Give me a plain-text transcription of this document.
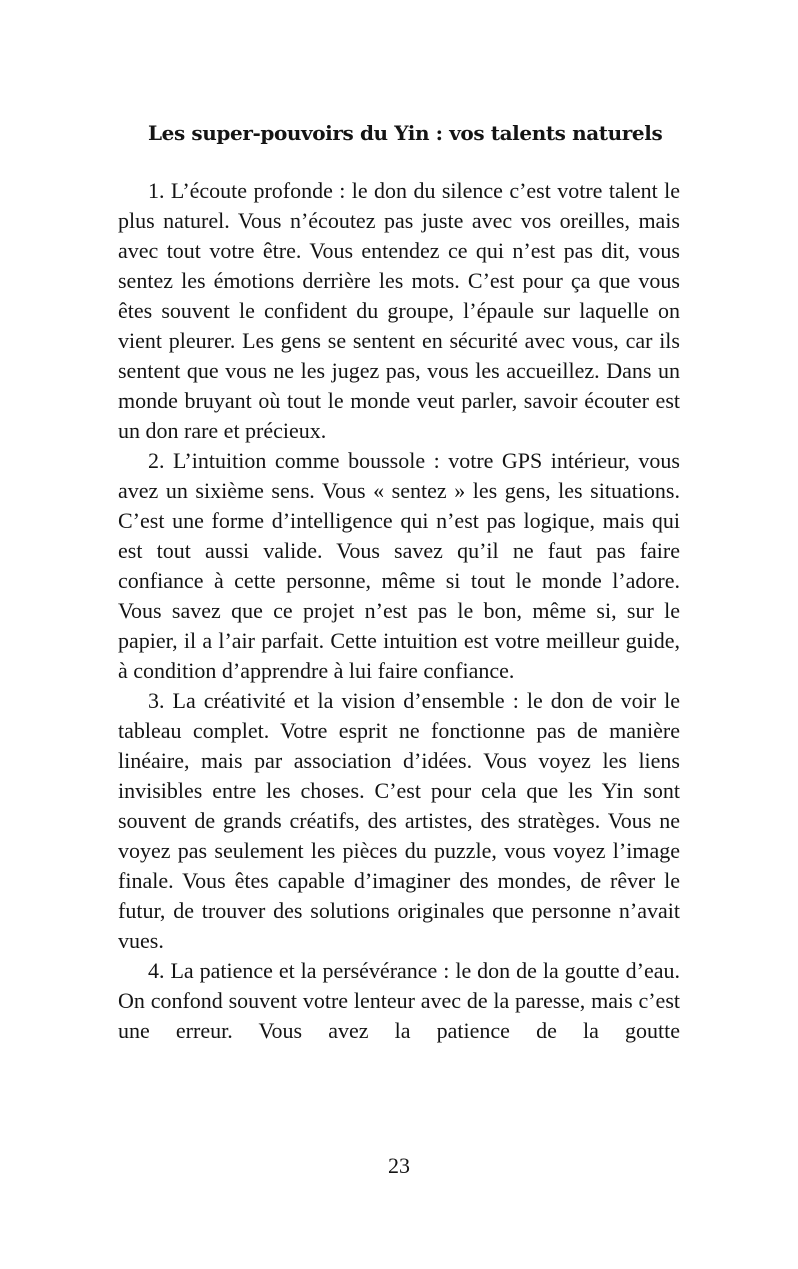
Les super-pouvoirs du Yin : vos talents naturels

1. L’écoute profonde : le don du silence c’est votre talent le plus naturel. Vous n’écoutez pas juste avec vos oreilles, mais avec tout votre être. Vous entendez ce qui n’est pas dit, vous sentez les émotions derrière les mots. C’est pour ça que vous êtes souvent le confident du groupe, l’épaule sur laquelle on vient pleurer. Les gens se sentent en sécurité avec vous, car ils sentent que vous ne les jugez pas, vous les accueillez. Dans un monde bruyant où tout le monde veut parler, savoir écouter est un don rare et précieux.

2. L’intuition comme boussole : votre GPS intérieur, vous avez un sixième sens. Vous « sentez » les gens, les situations. C’est une forme d’intelligence qui n’est pas logique, mais qui est tout aussi valide. Vous savez qu’il ne faut pas faire confiance à cette personne, même si tout le monde l’adore. Vous savez que ce projet n’est pas le bon, même si, sur le papier, il a l’air parfait. Cette intuition est votre meilleur guide, à condition d’apprendre à lui faire confiance.

3. La créativité et la vision d’ensemble : le don de voir le tableau complet. Votre esprit ne fonctionne pas de manière linéaire, mais par association d’idées. Vous voyez les liens invisibles entre les choses. C’est pour cela que les Yin sont souvent de grands créatifs, des artistes, des stratèges. Vous ne voyez pas seulement les pièces du puzzle, vous voyez l’image finale. Vous êtes capable d’imaginer des mondes, de rêver le futur, de trouver des solutions originales que personne n’avait vues.

4. La patience et la persévérance : le don de la goutte d’eau. On confond souvent votre lenteur avec de la paresse, mais c’est une erreur. Vous avez la patience de la goutte

23
